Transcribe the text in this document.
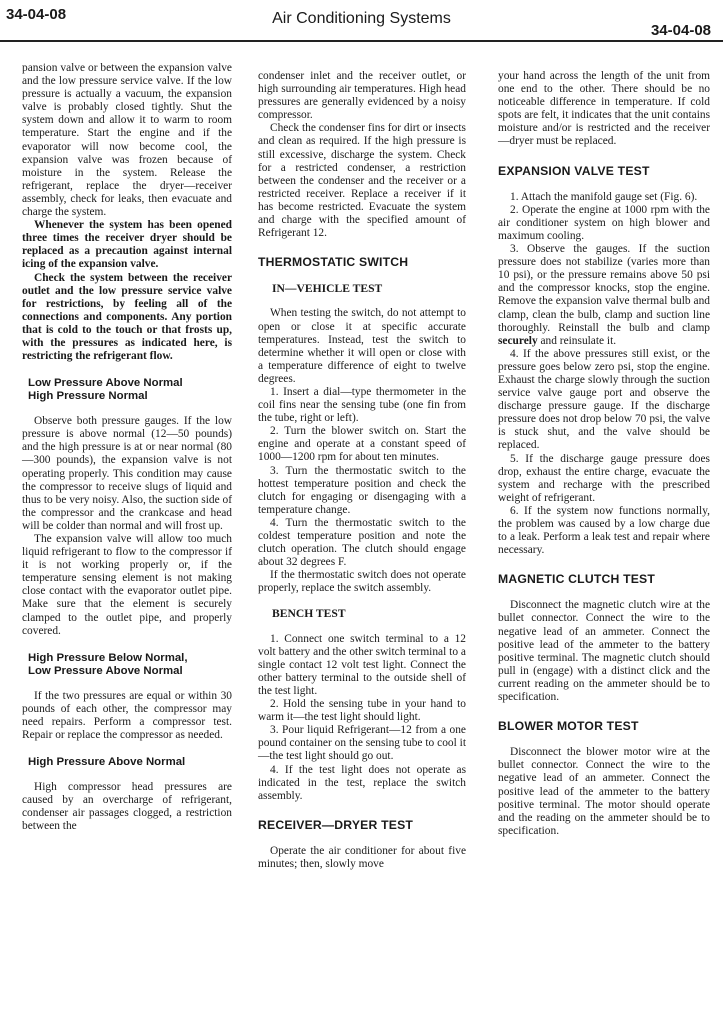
34-04-08	Air Conditioning Systems
34-04-08

pansion valve or between the expansion valve and the low pressure service valve. If the low pressure is actually a vacuum, the expansion valve is probably closed tightly. Shut the system down and allow it to warm to room temperature. Start the engine and if the evaporator will now become cool, the expansion valve was frozen because of moisture in the system. Release the refrigerant, replace the dryer—receiver assembly, check for leaks, then evacuate and charge the system.

Whenever the system has been opened three times the receiver dryer should be replaced as a precaution against internal icing of the expansion valve.

Check the system between the receiver outlet and the low pressure service valve for restrictions, by feeling all of the connections and components. Any portion that is cold to the touch or that frosts up, with the pressures as indicated here, is restricting the refrigerant flow.

Low Pressure Above Normal
High Pressure Normal

Observe both pressure gauges. If the low pressure is above normal (12—50 pounds) and the high pressure is at or near normal (80—300 pounds), the expansion valve is not operating properly. This condition may cause the compressor to receive slugs of liquid and thus to be very noisy. Also, the suction side of the compressor and the crankcase and head will be colder than normal and will frost up.

The expansion valve will allow too much liquid refrigerant to flow to the compressor if it is not working properly or, if the temperature sensing element is not making close contact with the evaporator outlet pipe. Make sure that the element is securely clamped to the outlet pipe, and properly covered.

High Pressure Below Normal,
Low Pressure Above Normal

If the two pressures are equal or within 30 pounds of each other, the compressor may need repairs. Perform a compressor test. Repair or replace the compressor as needed.

High Pressure Above Normal

High compressor head pressures are caused by an overcharge of refrigerant, condenser air passages clogged, a restriction between the

condenser inlet and the receiver outlet, or high surrounding air temperatures. High head pressures are generally evidenced by a noisy compressor.

Check the condenser fins for dirt or insects and clean as required. If the high pressure is still excessive, discharge the system. Check for a restricted condenser, a restriction between the condenser and the receiver or a restricted receiver. Replace a receiver if it has become restricted. Evacuate the system and charge with the specified amount of Refrigerant 12.

THERMOSTATIC SWITCH
IN—VEHICLE TEST

When testing the switch, do not attempt to open or close it at specific accurate temperatures. Instead, test the switch to determine whether it will open or close with a temperature difference of eight to twelve degrees.

1. Insert a dial—type thermometer in the coil fins near the sensing tube (one fin from the tube, right or left).

2. Turn the blower switch on. Start the engine and operate at a constant speed of 1000—1200 rpm for about ten minutes.

3. Turn the thermostatic switch to the hottest temperature position and check the clutch for engaging or disengaging with a temperature change.

4. Turn the thermostatic switch to the coldest temperature position and note the clutch operation. The clutch should engage about 32 degrees F.

If the thermostatic switch does not operate properly, replace the switch assembly.

BENCH TEST

1. Connect one switch terminal to a 12 volt battery and the other switch terminal to a single contact 12 volt test light. Connect the other battery terminal to the outside shell of the test light.

2. Hold the sensing tube in your hand to warm it—the test light should light.

3. Pour liquid Refrigerant—12 from a one pound container on the sensing tube to cool it—the test light should go out.

4. If the test light does not operate as indicated in the test, replace the switch assembly.

RECEIVER—DRYER TEST

Operate the air conditioner for about five minutes; then, slowly move

your hand across the length of the unit from one end to the other. There should be no noticeable difference in temperature. If cold spots are felt, it indicates that the unit contains moisture and/or is restricted and the receiver—dryer must be replaced.

EXPANSION VALVE TEST

1. Attach the manifold gauge set (Fig. 6).

2. Operate the engine at 1000 rpm with the air conditioner system on high blower and maximum cooling.

3. Observe the gauges. If the suction pressure does not stabilize (varies more than 10 psi), or the pressure remains above 50 psi and the compressor knocks, stop the engine. Remove the expansion valve thermal bulb and clamp, clean the bulb, clamp and suction line thoroughly. Reinstall the bulb and clamp securely and reinsulate it.

4. If the above pressures still exist, or the pressure goes below zero psi, stop the engine. Exhaust the charge slowly through the suction service valve gauge port and observe the discharge pressure gauge. If the discharge pressure does not drop below 70 psi, the valve is stuck shut, and the valve should be replaced.

5. If the discharge gauge pressure does drop, exhaust the entire charge, evacuate the system and recharge with the prescribed weight of refrigerant.

6. If the system now functions normally, the problem was caused by a low charge due to a leak. Perform a leak test and repair where necessary.

MAGNETIC CLUTCH TEST

Disconnect the magnetic clutch wire at the bullet connector. Connect the wire to the negative lead of an ammeter. Connect the positive lead of the ammeter to the battery positive terminal. The magnetic clutch should pull in (engage) with a distinct click and the current reading on the ammeter should be to specification.

BLOWER MOTOR TEST

Disconnect the blower motor wire at the bullet connector. Connect the wire to the negative lead of an ammeter. Connect the positive lead of the ammeter to the battery positive terminal. The motor should operate and the reading on the ammeter should be to specification.
